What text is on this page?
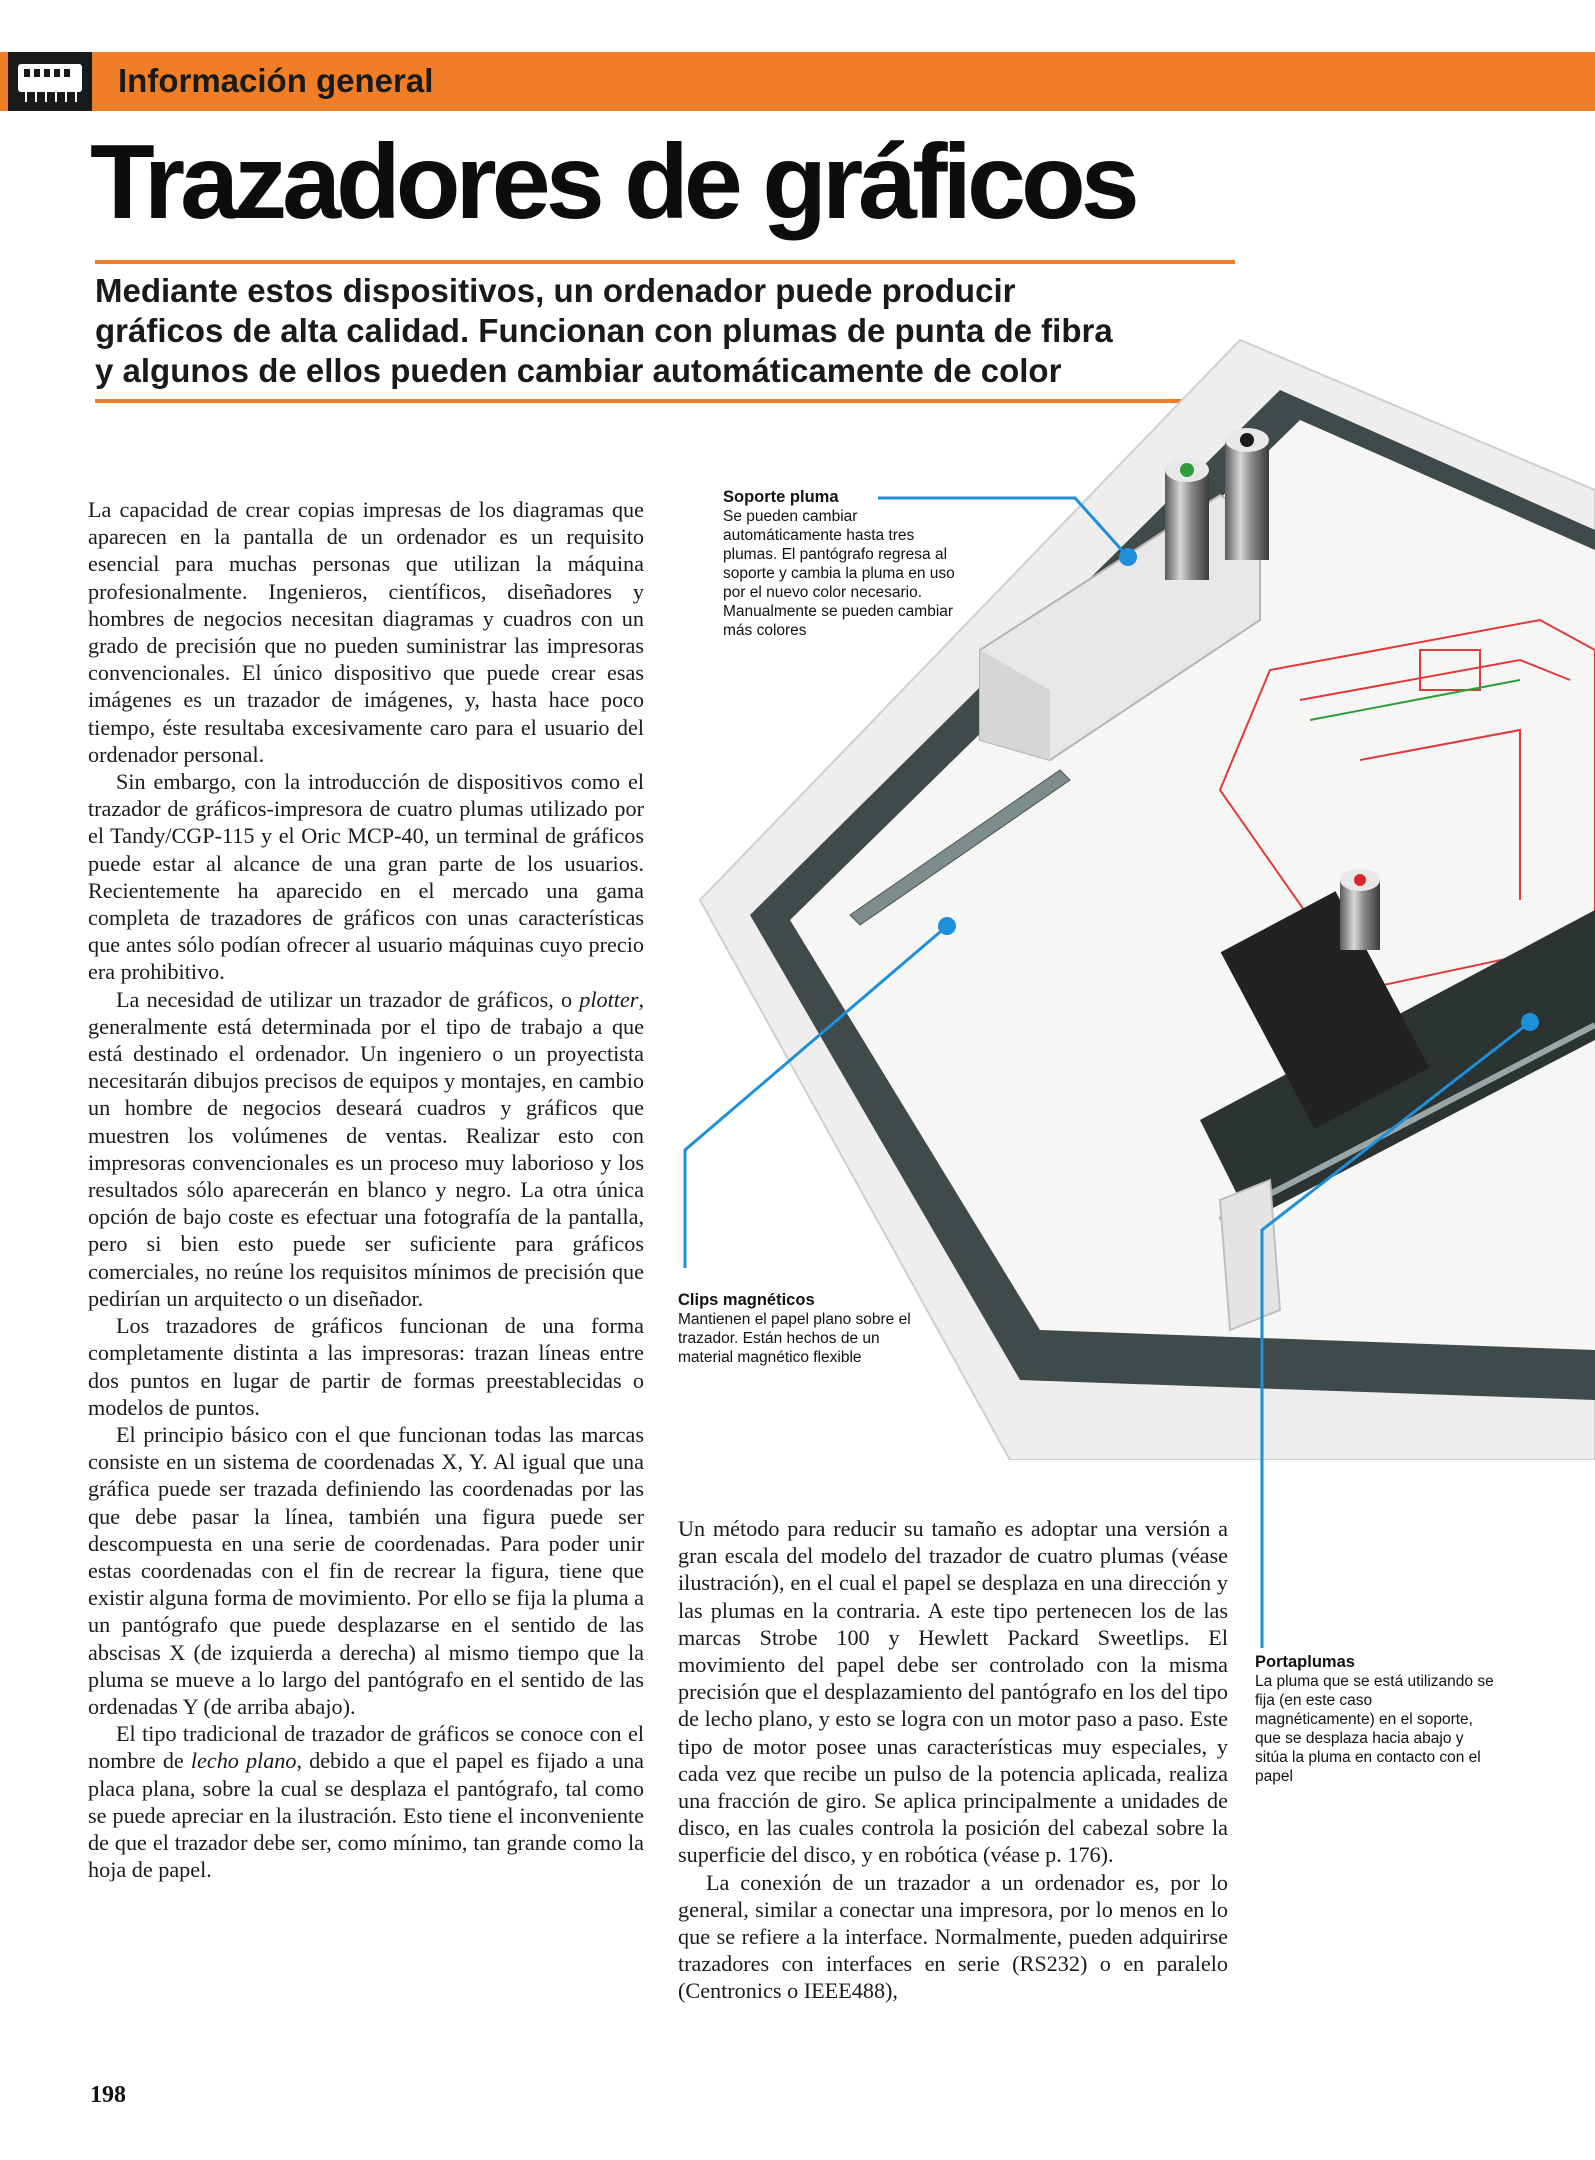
Información general
Trazadores de gráficos
Mediante estos dispositivos, un ordenador puede producir
gráficos de alta calidad. Funcionan con plumas de punta de fibra
y algunos de ellos pueden cambiar automáticamente de color
Soporte pluma
Se pueden cambiar
automáticamente hasta tres
plumas. El pantógrafo regresa al
soporte y cambia la pluma en uso
por el nuevo color necesario.
Manualmente se pueden cambiar
más colores
Clips magnéticos
Mantienen el papel plano sobre el
trazador. Están hechos de un
material magnético flexible
Portaplumas
La pluma que se está utilizando se
fija (en este caso
magnéticamente) en el soporte,
que se desplaza hacia abajo y
sitúa la pluma en contacto con el
papel

La capacidad de crear copias impresas de los diagramas que aparecen en la pantalla de un ordenador es un requisito esencial para muchas personas que utilizan la máquina profesionalmente. Ingenieros, científicos, diseñadores y hombres de negocios necesitan diagramas y cuadros con un grado de precisión que no pueden suministrar las impresoras convencionales. El único dispositivo que puede crear esas imágenes es un trazador de imágenes, y, hasta hace poco tiempo, éste resultaba excesivamente caro para el usuario del ordenador personal.

Sin embargo, con la introducción de dispositivos como el trazador de gráficos-impresora de cuatro plumas utilizado por el Tandy/CGP-115 y el Oric MCP-40, un terminal de gráficos puede estar al alcance de una gran parte de los usuarios. Recientemente ha aparecido en el mercado una gama completa de trazadores de gráficos con unas características que antes sólo podían ofrecer al usuario máquinas cuyo precio era prohibitivo.

La necesidad de utilizar un trazador de gráficos, o plotter, generalmente está determinada por el tipo de trabajo a que está destinado el ordenador. Un ingeniero o un proyectista necesitarán dibujos precisos de equipos y montajes, en cambio un hombre de negocios deseará cuadros y gráficos que muestren los volúmenes de ventas. Realizar esto con impresoras convencionales es un proceso muy laborioso y los resultados sólo aparecerán en blanco y negro. La otra única opción de bajo coste es efectuar una fotografía de la pantalla, pero si bien esto puede ser suficiente para gráficos comerciales, no reúne los requisitos mínimos de precisión que pedirían un arquitecto o un diseñador.

Los trazadores de gráficos funcionan de una forma completamente distinta a las impresoras: trazan líneas entre dos puntos en lugar de partir de formas preestablecidas o modelos de puntos.

El principio básico con el que funcionan todas las marcas consiste en un sistema de coordenadas X, Y. Al igual que una gráfica puede ser trazada definiendo las coordenadas por las que debe pasar la línea, también una figura puede ser descompuesta en una serie de coordenadas. Para poder unir estas coordenadas con el fin de recrear la figura, tiene que existir alguna forma de movimiento. Por ello se fija la pluma a un pantógrafo que puede desplazarse en el sentido de las abscisas X (de izquierda a derecha) al mismo tiempo que la pluma se mueve a lo largo del pantógrafo en el sentido de las ordenadas Y (de arriba abajo).

El tipo tradicional de trazador de gráficos se conoce con el nombre de lecho plano, debido a que el papel es fijado a una placa plana, sobre la cual se desplaza el pantógrafo, tal como se puede apreciar en la ilustración. Esto tiene el inconveniente de que el trazador debe ser, como mínimo, tan grande como la hoja de papel.

Un método para reducir su tamaño es adoptar una versión a gran escala del modelo del trazador de cuatro plumas (véase ilustración), en el cual el papel se desplaza en una dirección y las plumas en la contraria. A este tipo pertenecen los de las marcas Strobe 100 y Hewlett Packard Sweetlips. El movimiento del papel debe ser controlado con la misma precisión que el desplazamiento del pantógrafo en los del tipo de lecho plano, y esto se logra con un motor paso a paso. Este tipo de motor posee unas características muy especiales, y cada vez que recibe un pulso de la potencia aplicada, realiza una fracción de giro. Se aplica principalmente a unidades de disco, en las cuales controla la posición del cabezal sobre la superficie del disco, y en robótica (véase p. 176).

La conexión de un trazador a un ordenador es, por lo general, similar a conectar una impresora, por lo menos en lo que se refiere a la interface. Normalmente, pueden adquirirse trazadores con interfaces en serie (RS232) o en paralelo (Centronics o IEEE488),

198
